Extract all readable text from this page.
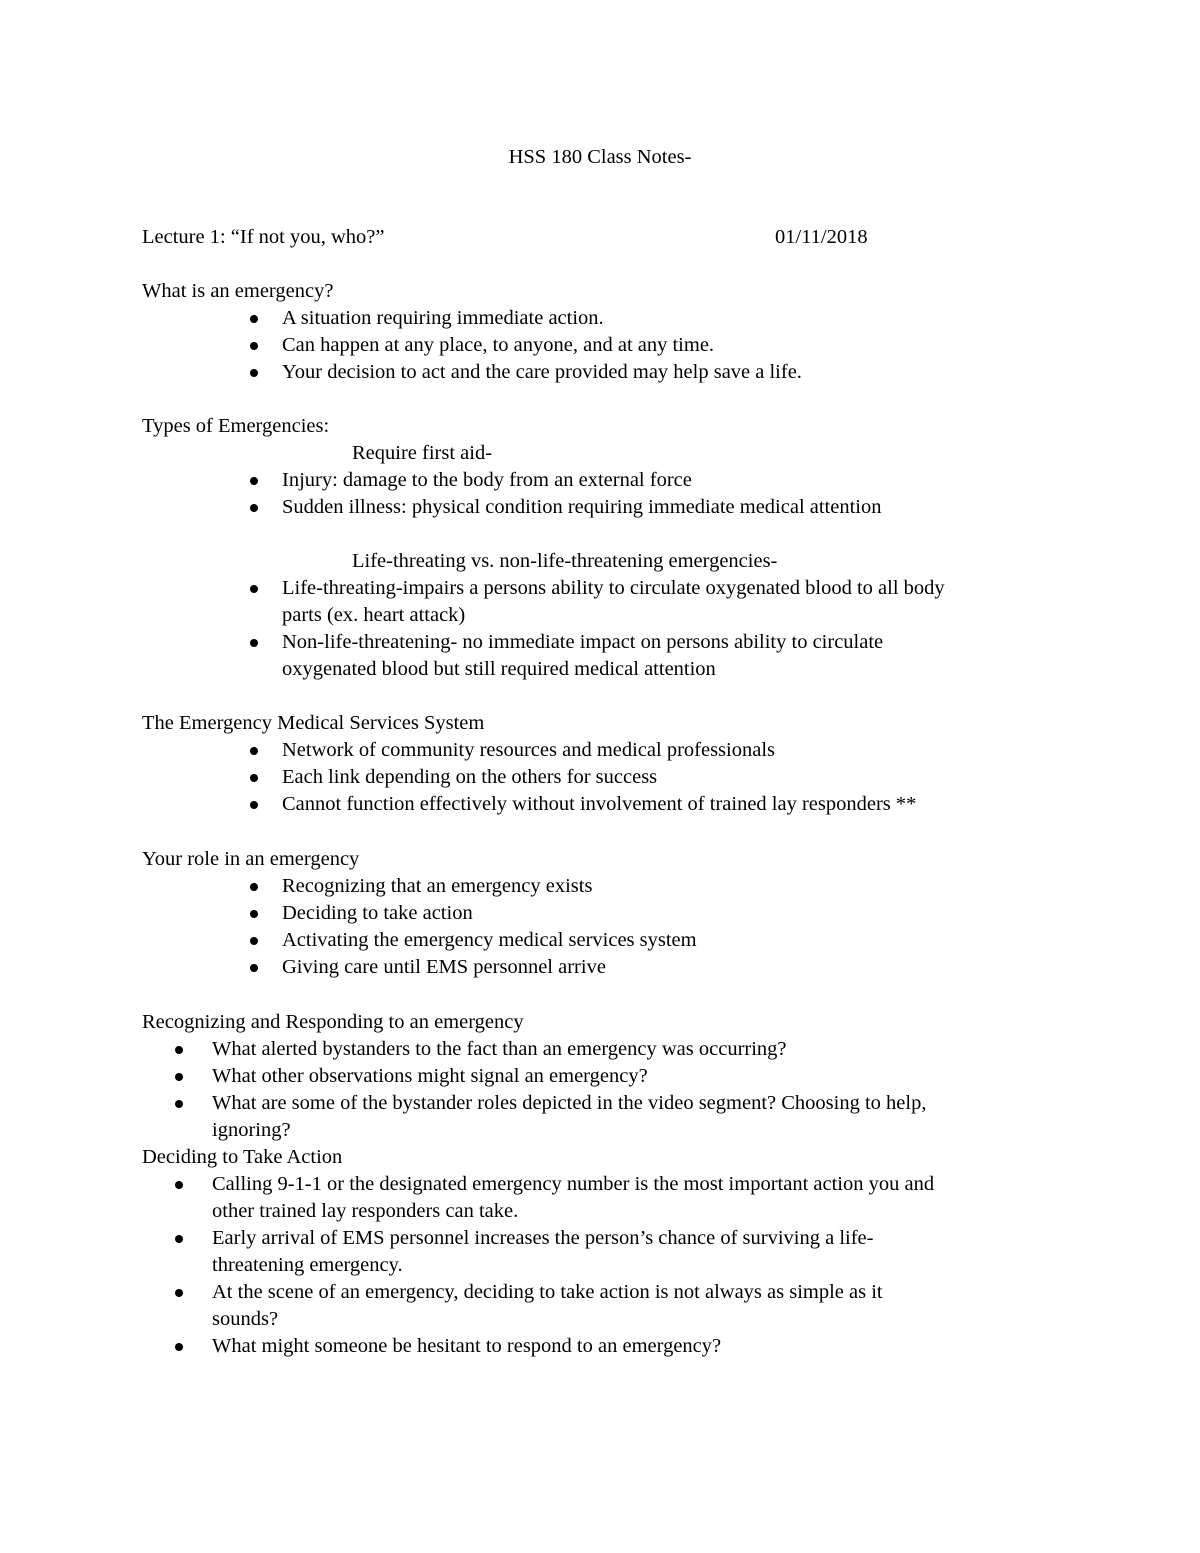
HSS 180 Class Notes-
Lecture 1: “If not you, who?”	01/11/2018
What is an emergency?
A situation requiring immediate action.
Can happen at any place, to anyone, and at any time.
Your decision to act and the care provided may help save a life.
Types of Emergencies:
Require first aid-
Injury: damage to the body from an external force
Sudden illness: physical condition requiring immediate medical attention
Life-threating vs. non-life-threatening emergencies-
Life-threating-impairs a persons ability to circulate oxygenated blood to all body
parts (ex. heart attack)
Non-life-threatening- no immediate impact on persons ability to circulate
oxygenated blood but still required medical attention
The Emergency Medical Services System
Network of community resources and medical professionals
Each link depending on the others for success
Cannot function effectively without involvement of trained lay responders **
Your role in an emergency
Recognizing that an emergency exists
Deciding to take action
Activating the emergency medical services system
Giving care until EMS personnel arrive
Recognizing and Responding to an emergency
What alerted bystanders to the fact than an emergency was occurring?
What other observations might signal an emergency?
What are some of the bystander roles depicted in the video segment? Choosing to help,
ignoring?
Deciding to Take Action
Calling 9-1-1 or the designated emergency number is the most important action you and
other trained lay responders can take.
Early arrival of EMS personnel increases the person’s chance of surviving a life-
threatening emergency.
At the scene of an emergency, deciding to take action is not always as simple as it
sounds?
What might someone be hesitant to respond to an emergency?
